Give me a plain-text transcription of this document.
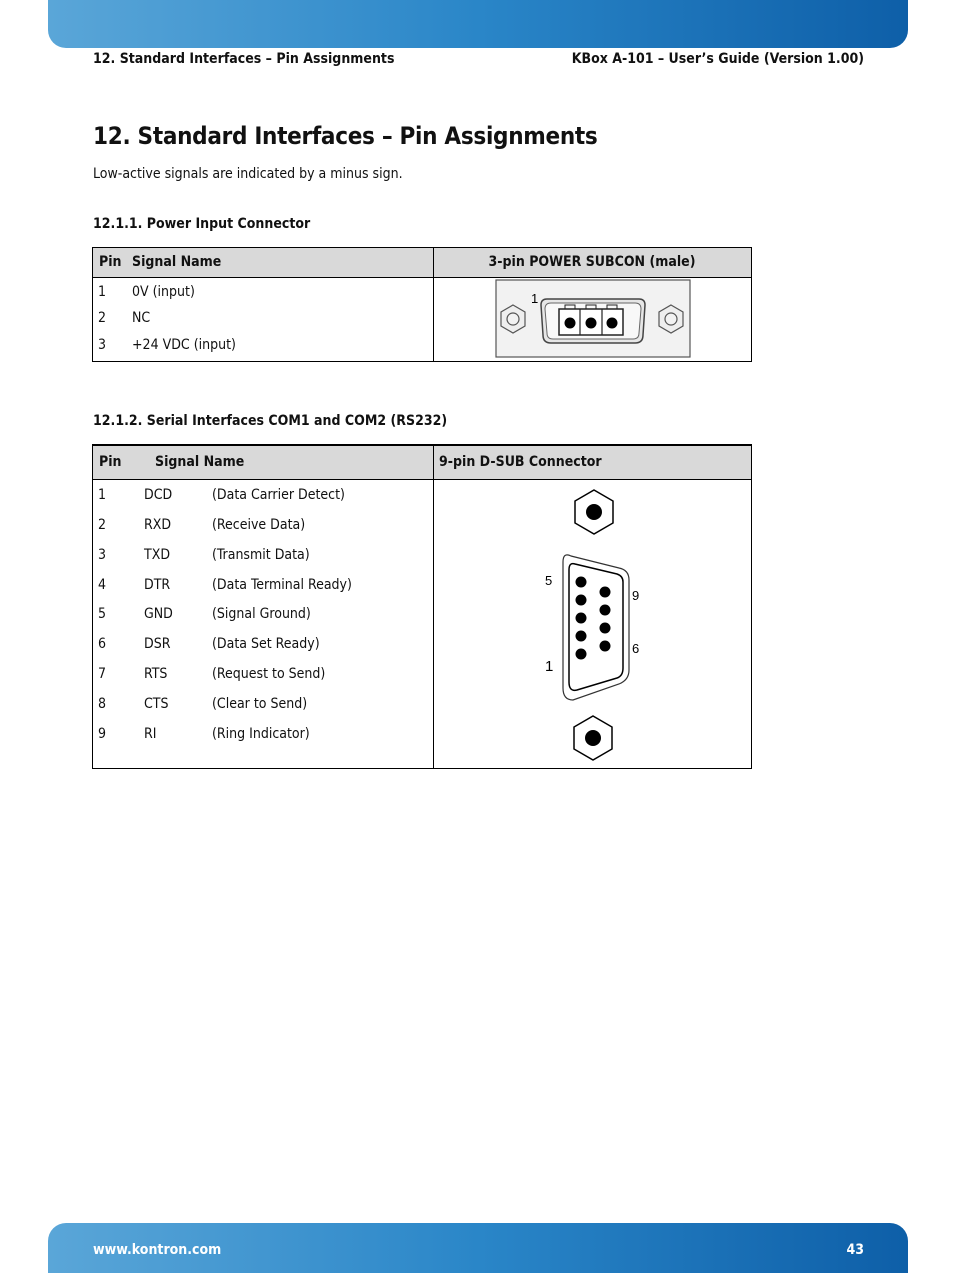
12. Standard Interfaces – Pin Assignments	KBox A-101 – User’s Guide (Version 1.00)
12. Standard Interfaces – Pin Assignments
Low-active signals are indicated by a minus sign.
12.1.1. Power Input Connector
Pin Signal Name	3-pin POWER SUBCON (male)
1 0V (input)
2 NC
3 +24 VDC (input)
1
12.1.2. Serial Interfaces COM1 and COM2 (RS232)
Pin Signal Name	9-pin D-SUB Connector
1	DCD	(Data Carrier Detect)
2	RXD	(Receive Data)
3	TXD	(Transmit Data)
4	DTR	(Data Terminal Ready)
5	GND	(Signal Ground)
6	DSR	(Data Set Ready)
7	RTS	(Request to Send)
8	CTS	(Clear to Send)
9	RI	(Ring Indicator)
5
1
9
6
www.kontron.com	43
